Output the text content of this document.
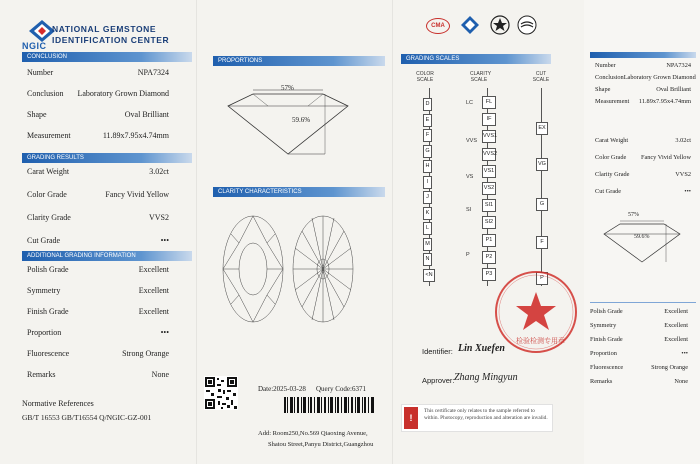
NGIC
NATIONAL GEMSTONE
IDENTIFICATION CENTER
CONCLUSION
Number	NPA7324
Conclusion Laboratory Grown Diamond
Shape	Oval Brilliant
Measurement	11.89x7.95x4.74mm
GRADING RESULTS
Carat Weight	3.02ct
Color Grade	Fancy Vivid Yellow
Clarity Grade	VVS2
Cut Grade	•••
ADDITIONAL GRADING INFORMATION
Polish Grade	Excellent
Symmetry	Excellent
Finish Grade	Excellent
Proportion	•••
Fluorescence	Strong Orange
Remarks	None
Normative References
GB/T 16553 GB/T16554 Q/NGIC-GZ-001
PROPORTIONS
57%
59.6%
CLARITY CHARACTERISTICS
Date:2025-03-28 Query Code:6371
Add: Room250,No.569 Qiaoxing Avenue,
Shatou Street,Panyu District,Guangzhou
CMA
GRADING SCALES
COLOR
SCALE
CLARITY
SCALE
CUT
SCALE
D
E
F
G
H
I
J
K
L
M
N
<N
LC
VVS
VS
SI
P
FL
IF
VVS1
VVS2
VS1
VS2
SI1
SI2
P1
P2
P3
EX
VG
G
F
P
Identifier: Lin Xuefen
Approver: Zhang Mingyun
检验检测专用章
!
This certificate only relates to the sample referred to within. Photocopy, reproduction and alteration are invalid.
Number	NPA7324
Conclusion Laboratory Grown Diamond
Shape	Oval Brilliant
Measurement 11.89x7.95x4.74mm
Carat Weight	3.02ct
Color Grade Fancy Vivid Yellow
Clarity Grade	VVS2
Cut Grade	•••
57%
59.6%
Polish Grade	Excellent
Symmetry	Excellent
Finish Grade	Excellent
Proportion	•••
Fluorescence	Strong Orange
Remarks	None
